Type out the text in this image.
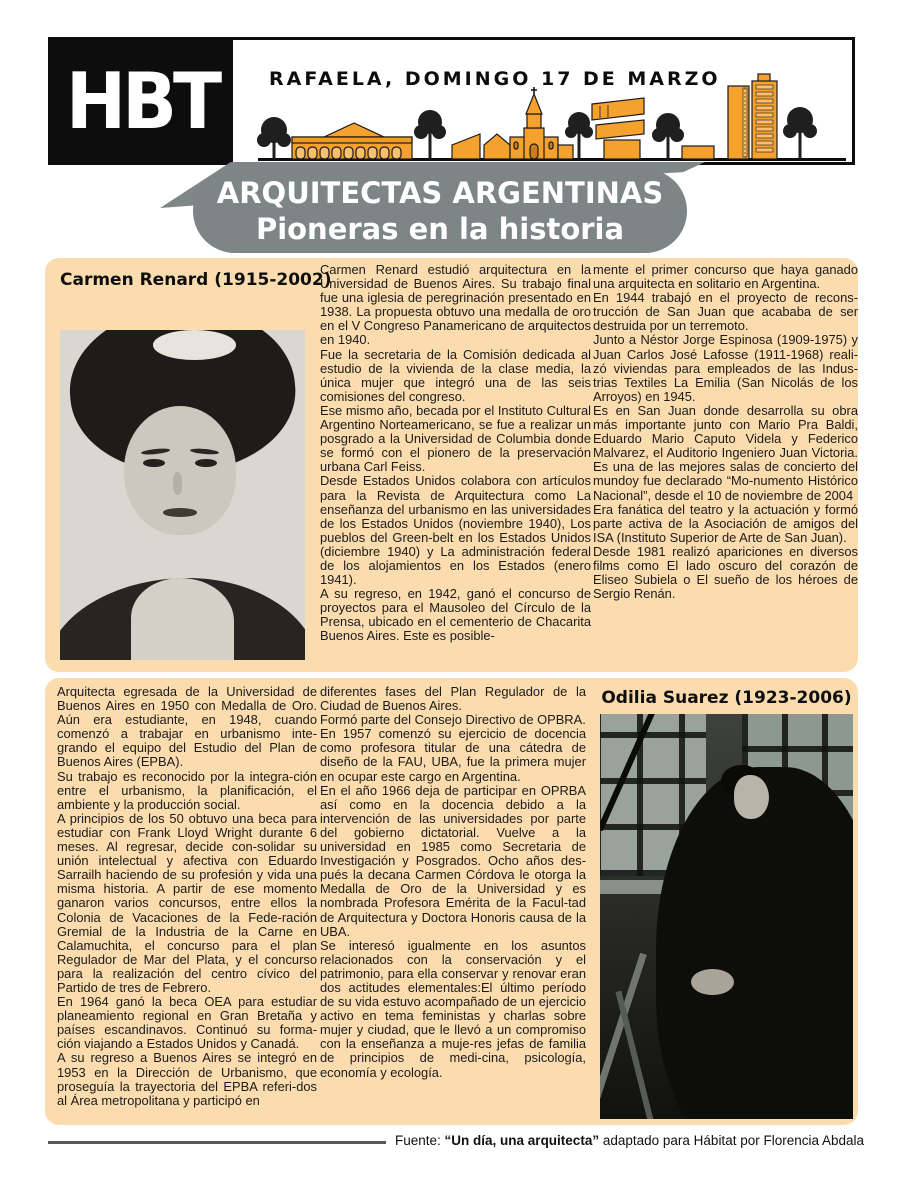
HBT	RAFAELA, DOMINGO 17 DE MARZO
ARQUITECTAS ARGENTINAS
Pioneras en la historia
Carmen Renard (1915-2002)

Carmen Renard estudió arquitectura en la Universidad de Buenos Aires. Su trabajo final fue una iglesia de peregrinación presentado en 1938. La propuesta obtuvo una medalla de oro en el V Congreso Panamericano de arquitectos en 1940.

Fue la secretaria de la Comisión dedicada al estudio de la vivienda de la clase media, la única mujer que integró una de las seis comisiones del congreso.

Ese mismo año, becada por el Instituto Cultural Argentino Norteamericano, se fue a realizar un posgrado a la Universidad de Columbia donde se formó con el pionero de la preservación urbana Carl Feiss.

Desde Estados Unidos colabora con artículos para la Revista de Arquitectura como La enseñanza del urbanismo en las universidades de los Estados Unidos (noviembre 1940), Los pueblos del Green-belt en los Estados Unidos (diciembre 1940) y La administración federal de los alojamientos en los Estados (enero 1941).

A su regreso, en 1942, ganó el concurso de proyectos para el Mausoleo del Círculo de la Prensa, ubicado en el cementerio de Chacarita Buenos Aires. Este es posible-

mente el primer concurso que haya ganado una arquitecta en solitario en Argentina.

En 1944 trabajó en el proyecto de recons-trucción de San Juan que acababa de ser destruida por un terremoto.

Junto a Néstor Jorge Espinosa (1909-1975) y Juan Carlos José Lafosse (1911-1968) reali-zó viviendas para empleados de las Indus-trias Textiles La Emilia (San Nicolás de los Arroyos) en 1945.

Es en San Juan donde desarrolla su obra más importante junto con Mario Pra Baldi, Eduardo Mario Caputo Videla y Federico Malvarez, el Auditorio Ingeniero Juan Victoria. Es una de las mejores salas de concierto del mundoy fue declarado “Mo-numento Histórico Nacional”, desde el 10 de noviembre de 2004

Era fanática del teatro y la actuación y formó parte activa de la Asociación de amigos del ISA (Instituto Superior de Arte de San Juan).

Desde 1981 realizó apariciones en diversos films como El lado oscuro del corazón de Eliseo Subiela o El sueño de los héroes de Sergio Renán.

Arquitecta egresada de la Universidad de Buenos Aires en 1950 con Medalla de Oro. Aún era estudiante, en 1948, cuando comenzó a trabajar en urbanismo inte-grando el equipo del Estudio del Plan de Buenos Aires (EPBA).

Su trabajo es reconocido por la integra-ción entre el urbanismo, la planificación, el ambiente y la producción social.

A principios de los 50 obtuvo una beca para estudiar con Frank Lloyd Wright durante 6 meses. Al regresar, decide con-solidar su unión intelectual y afectiva con Eduardo Sarrailh haciendo de su profesión y vida una misma historia. A partir de ese momento ganaron varios concursos, entre ellos la Colonia de Vacaciones de la Fede-ración Gremial de la Industria de la Carne en Calamuchita, el concurso para el plan Regulador de Mar del Plata, y el concurso para la realización del centro cívico del Partido de tres de Febrero.

En 1964 ganó la beca OEA para estudiar planeamiento regional en Gran Bretaña y países escandinavos. Continuó su forma-ción viajando a Estados Unidos y Canadá.

A su regreso a Buenos Aires se integró en 1953 en la Dirección de Urbanismo, que proseguía la trayectoria del EPBA referi-dos al Área metropolitana y participó en

diferentes fases del Plan Regulador de la Ciudad de Buenos Aires.

Formó parte del Consejo Directivo de OPBRA.

En 1957 comenzó su ejercicio de docencia como profesora titular de una cátedra de diseño de la FAU, UBA, fue la primera mujer en ocupar este cargo en Argentina.

En el año 1966 deja de participar en OPRBA así como en la docencia debido a la intervención de las universidades por parte del gobierno dictatorial. Vuelve a la universidad en 1985 como Secretaria de Investigación y Posgrados. Ocho años des-pués la decana Carmen Córdova le otorga la Medalla de Oro de la Universidad y es nombrada Profesora Emérita de la Facul-tad de Arquitectura y Doctora Honoris causa de la UBA.

Se interesó igualmente en los asuntos relacionados con la conservación y el patrimonio, para ella conservar y renovar eran dos actitudes elementales:El último período de su vida estuvo acompañado de un ejercicio activo en tema feministas y charlas sobre mujer y ciudad, que le llevó a un compromiso con la enseñanza a muje-res jefas de familia de principios de medi-cina, psicología, economía y ecología.

Odilia Suarez (1923-2006)
Fuente: “Un día, una arquitecta” adaptado para Hábitat por Florencia Abdala
